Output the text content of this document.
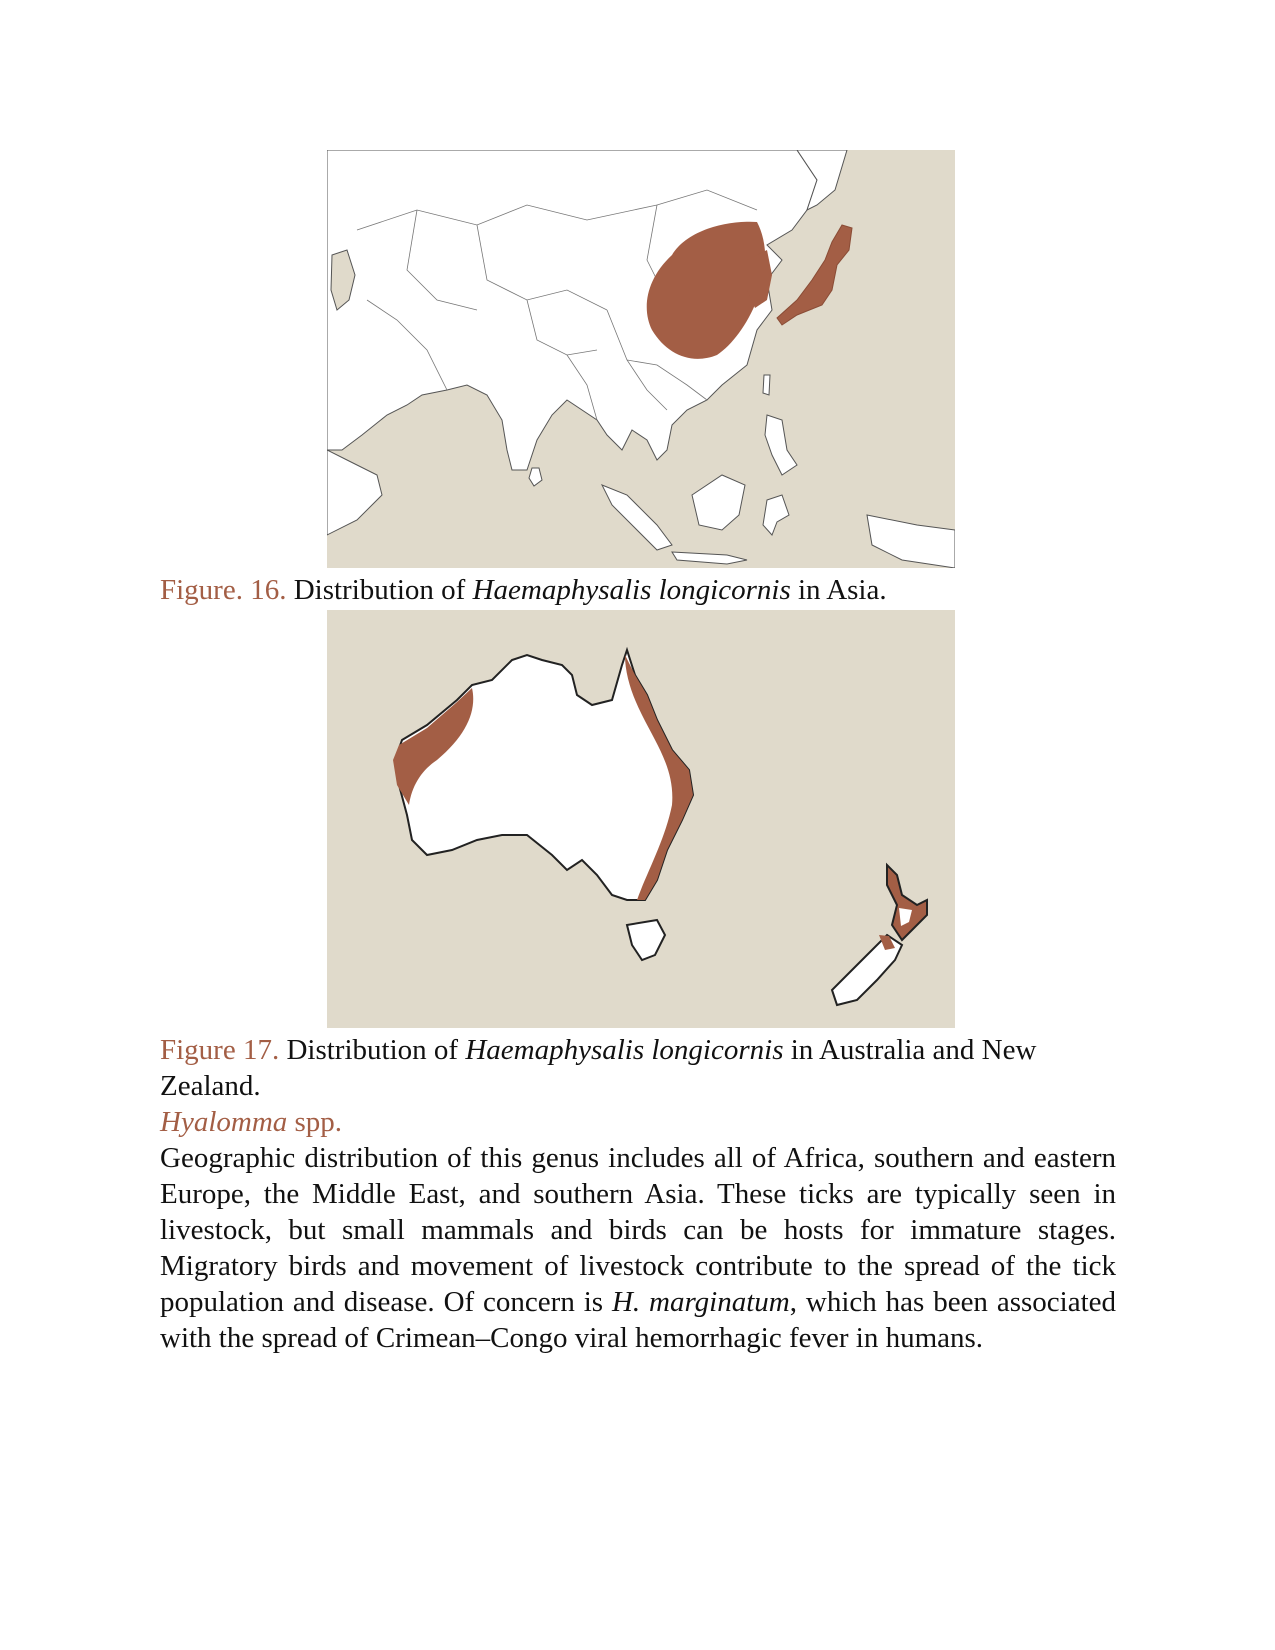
Figure. 16. Distribution of Haemaphysalis longicornis in Asia.
Figure 17. Distribution of Haemaphysalis longicornis in Australia and New Zealand.
Hyalomma spp.
Geographic distribution of this genus includes all of Africa, southern and eastern Europe, the Middle East, and southern Asia. These ticks are typically seen in livestock, but small mammals and birds can be hosts for immature stages. Migratory birds and movement of livestock contribute to the spread of the tick population and disease. Of concern is H. marginatum, which has been associated with the spread of Crimean–Congo viral hemorrhagic fever in humans.
